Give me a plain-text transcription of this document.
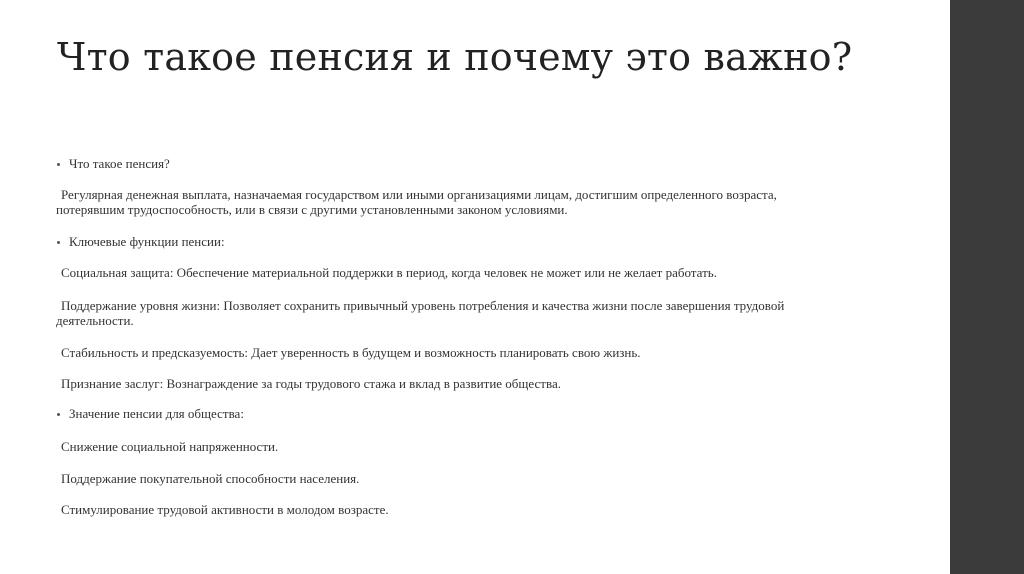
Что такое пенсия и почему это важно?

Что такое пенсия?

Регулярная денежная выплата, назначаемая государством или иными организациями лицам, достигшим определенного возраста, потерявшим трудоспособность, или в связи с другими установленными законом условиями.

Ключевые функции пенсии:

Социальная защита: Обеспечение материальной поддержки в период, когда человек не может или не желает работать.

Поддержание уровня жизни: Позволяет сохранить привычный уровень потребления и качества жизни после завершения трудовой деятельности.

Стабильность и предсказуемость: Дает уверенность в будущем и возможность планировать свою жизнь.

Признание заслуг: Вознаграждение за годы трудового стажа и вклад в развитие общества.

Значение пенсии для общества:

Снижение социальной напряженности.

Поддержание покупательной способности населения.

Стимулирование трудовой активности в молодом возрасте.
